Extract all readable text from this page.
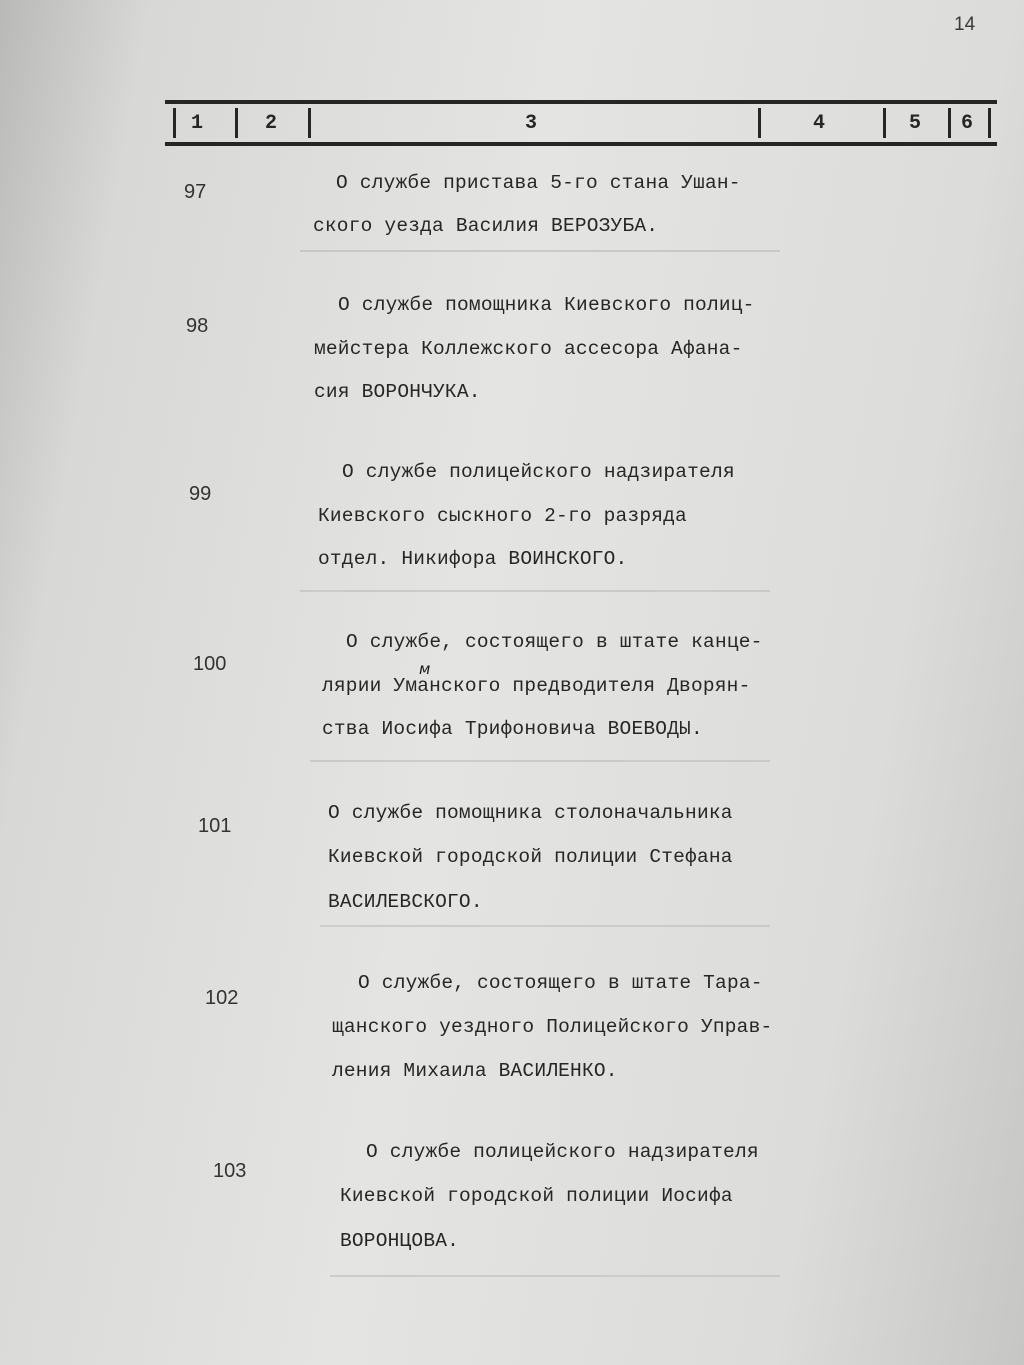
14
1	2	3	4	5 6
97	О службе пристава 5-го стана Ушан-
ского уезда Василия ВЕРОЗУБА.
98
О службе помощника Киевского полиц-
мейстера Коллежского ассесора Афана-
сия ВОРОНЧУКА.
99
О службе полицейского надзирателя
Киевского сыскного 2-го разряда
отдел. Никифора ВОИНСКОГО.
100
О службе, состоящего в штате канце-
м
лярии Уманского предводителя Дворян-
ства Иосифа Трифоновича ВОЕВОДЫ.
101
О службе помощника столоначальника
Киевской городской полиции Стефана
ВАСИЛЕВСКОГО.
102
О службе, состоящего в штате Тара-
щанского уездного Полицейского Управ-
ления Михаила ВАСИЛЕНКО.
103
О службе полицейского надзирателя
Киевской городской полиции Иосифа
ВОРОНЦОВА.
